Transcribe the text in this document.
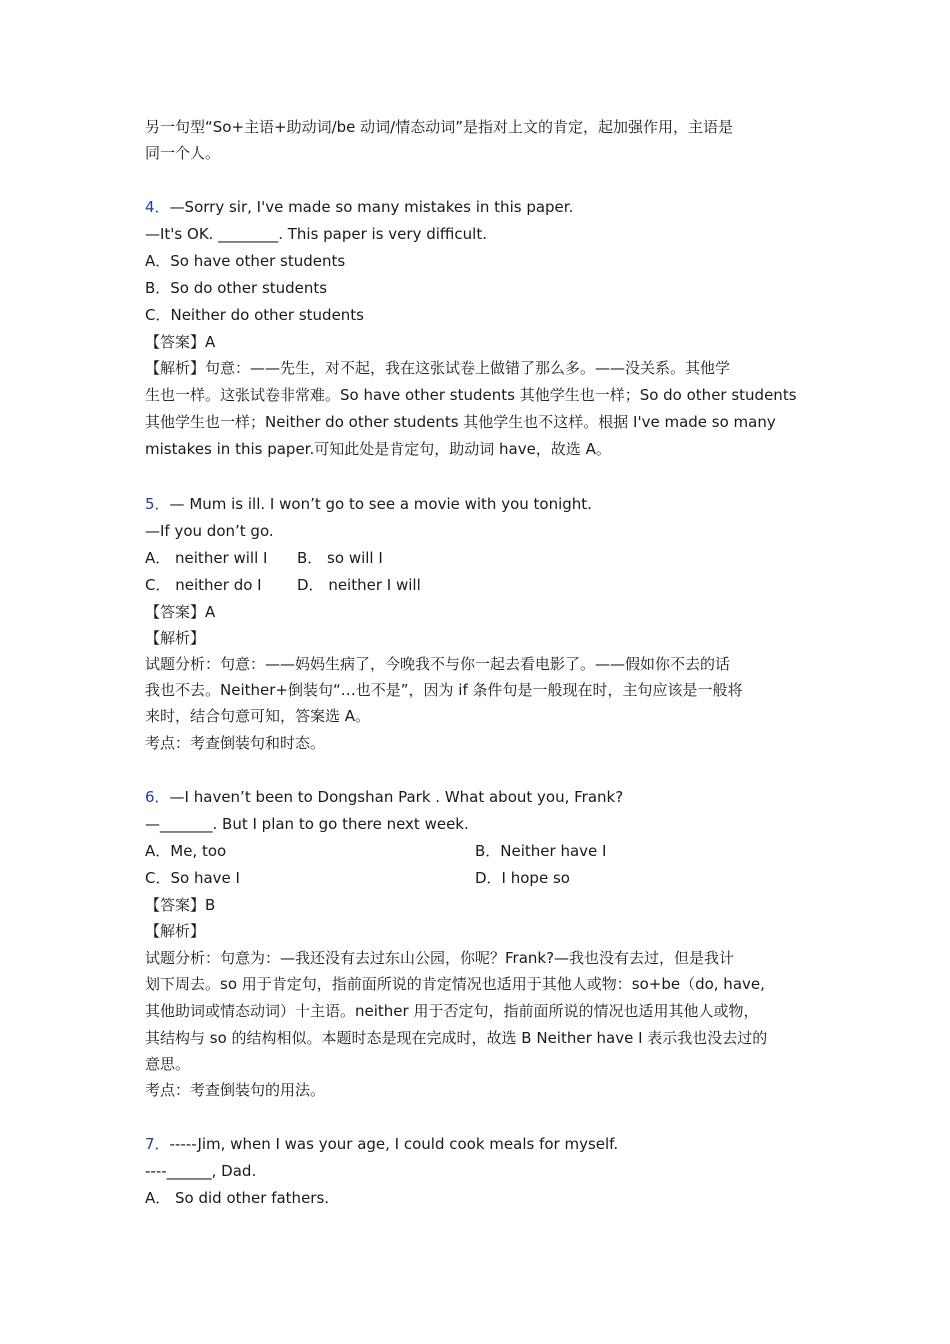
另一句型“So+主语+助动词/be 动词/情态动词”是指对上文的肯定，起加强作用，主语是
同一个人。
4．—Sorry sir, I've made so many mistakes in this paper.
—It's OK. ________. This paper is very difficult.
A．So have other students
B．So do other students
C．Neither do other students
【答案】A
【解析】句意：——先生，对不起，我在这张试卷上做错了那么多。——没关系。其他学
生也一样。这张试卷非常难。So have other students 其他学生也一样；So do other students
其他学生也一样；Neither do other students 其他学生也不这样。根据 I've made so many
mistakes in this paper.可知此处是肯定句，助动词 have，故选 A。
5．— Mum is ill. I won’t go to see a movie with you tonight.
—If you don’t go.
A． neither will I B． so will I
C． neither do I D． neither I will
【答案】A
【解析】
试题分析：句意：——妈妈生病了，今晚我不与你一起去看电影了。——假如你不去的话
我也不去。Neither+倒装句“…也不是”，因为 if 条件句是一般现在时，主句应该是一般将
来时，结合句意可知，答案选 A。
考点：考查倒装句和时态。
6．—I haven’t been to Dongshan Park . What about you, Frank?
—_______. But I plan to go there next week.
A．Me, too	B．Neither have I
C．So have I	D．I hope so
【答案】B
【解析】
试题分析：句意为：—我还没有去过东山公园，你呢？Frank?—我也没有去过，但是我计
划下周去。so 用于肯定句，指前面所说的肯定情况也适用于其他人或物：so+be（do, have,
其他助词或情态动词）十主语。neither 用于否定句，指前面所说的情况也适用其他人或物，
其结构与 so 的结构相似。本题时态是现在完成时，故选 B Neither have I 表示我也没去过的
意思。
考点：考查倒装句的用法。
7．-----Jim, when I was your age, I could cook meals for myself.
----______, Dad.
A． So did other fathers.
